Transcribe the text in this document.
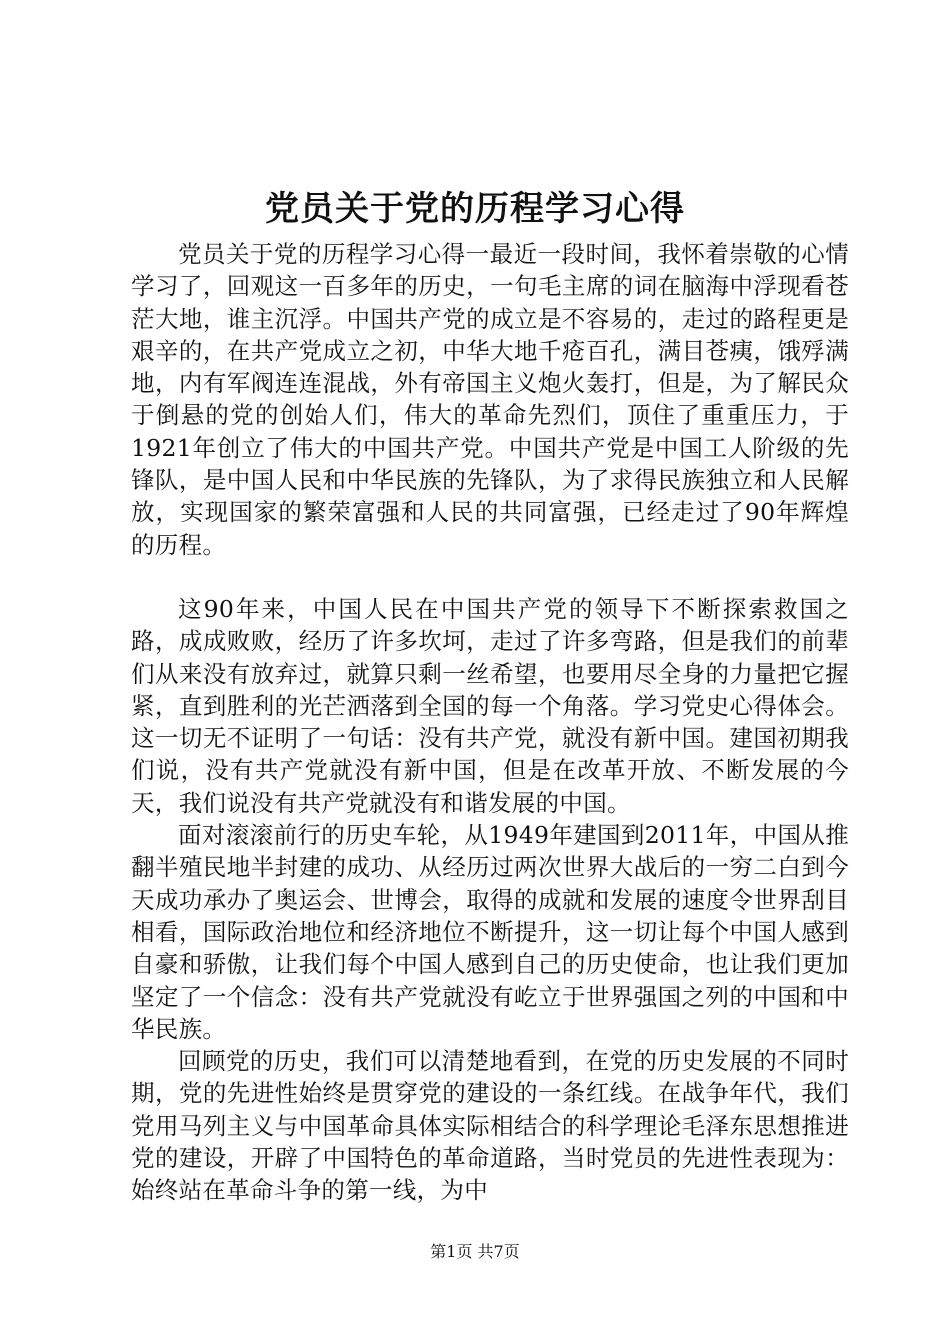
党员关于党的历程学习心得

党员关于党的历程学习心得一最近一段时间，我怀着崇敬的心情学习了，回观这一百多年的历史，一句毛主席的词在脑海中浮现看苍茫大地，谁主沉浮。中国共产党的成立是不容易的，走过的路程更是艰辛的，在共产党成立之初，中华大地千疮百孔，满目苍痍，饿殍满地，内有军阀连连混战，外有帝国主义炮火轰打，但是，为了解民众于倒悬的党的创始人们，伟大的革命先烈们，顶住了重重压力，于1921年创立了伟大的中国共产党。中国共产党是中国工人阶级的先锋队，是中国人民和中华民族的先锋队，为了求得民族独立和人民解放，实现国家的繁荣富强和人民的共同富强，已经走过了90年辉煌的历程。

这90年来，中国人民在中国共产党的领导下不断探索救国之路，成成败败，经历了许多坎坷，走过了许多弯路，但是我们的前辈们从来没有放弃过，就算只剩一丝希望，也要用尽全身的力量把它握紧，直到胜利的光芒洒落到全国的每一个角落。学习党史心得体会。这一切无不证明了一句话：没有共产党，就没有新中国。建国初期我们说，没有共产党就没有新中国，但是在改革开放、不断发展的今天，我们说没有共产党就没有和谐发展的中国。

面对滚滚前行的历史车轮，从1949年建国到2011年，中国从推翻半殖民地半封建的成功、从经历过两次世界大战后的一穷二白到今天成功承办了奥运会、世博会，取得的成就和发展的速度令世界刮目相看，国际政治地位和经济地位不断提升，这一切让每个中国人感到自豪和骄傲，让我们每个中国人感到自己的历史使命，也让我们更加坚定了一个信念：没有共产党就没有屹立于世界强国之列的中国和中华民族。

回顾党的历史，我们可以清楚地看到，在党的历史发展的不同时期，党的先进性始终是贯穿党的建设的一条红线。在战争年代，我们党用马列主义与中国革命具体实际相结合的科学理论毛泽东思想推进党的建设，开辟了中国特色的革命道路，当时党员的先进性表现为：始终站在革命斗争的第一线，为中

第1页 共7页
